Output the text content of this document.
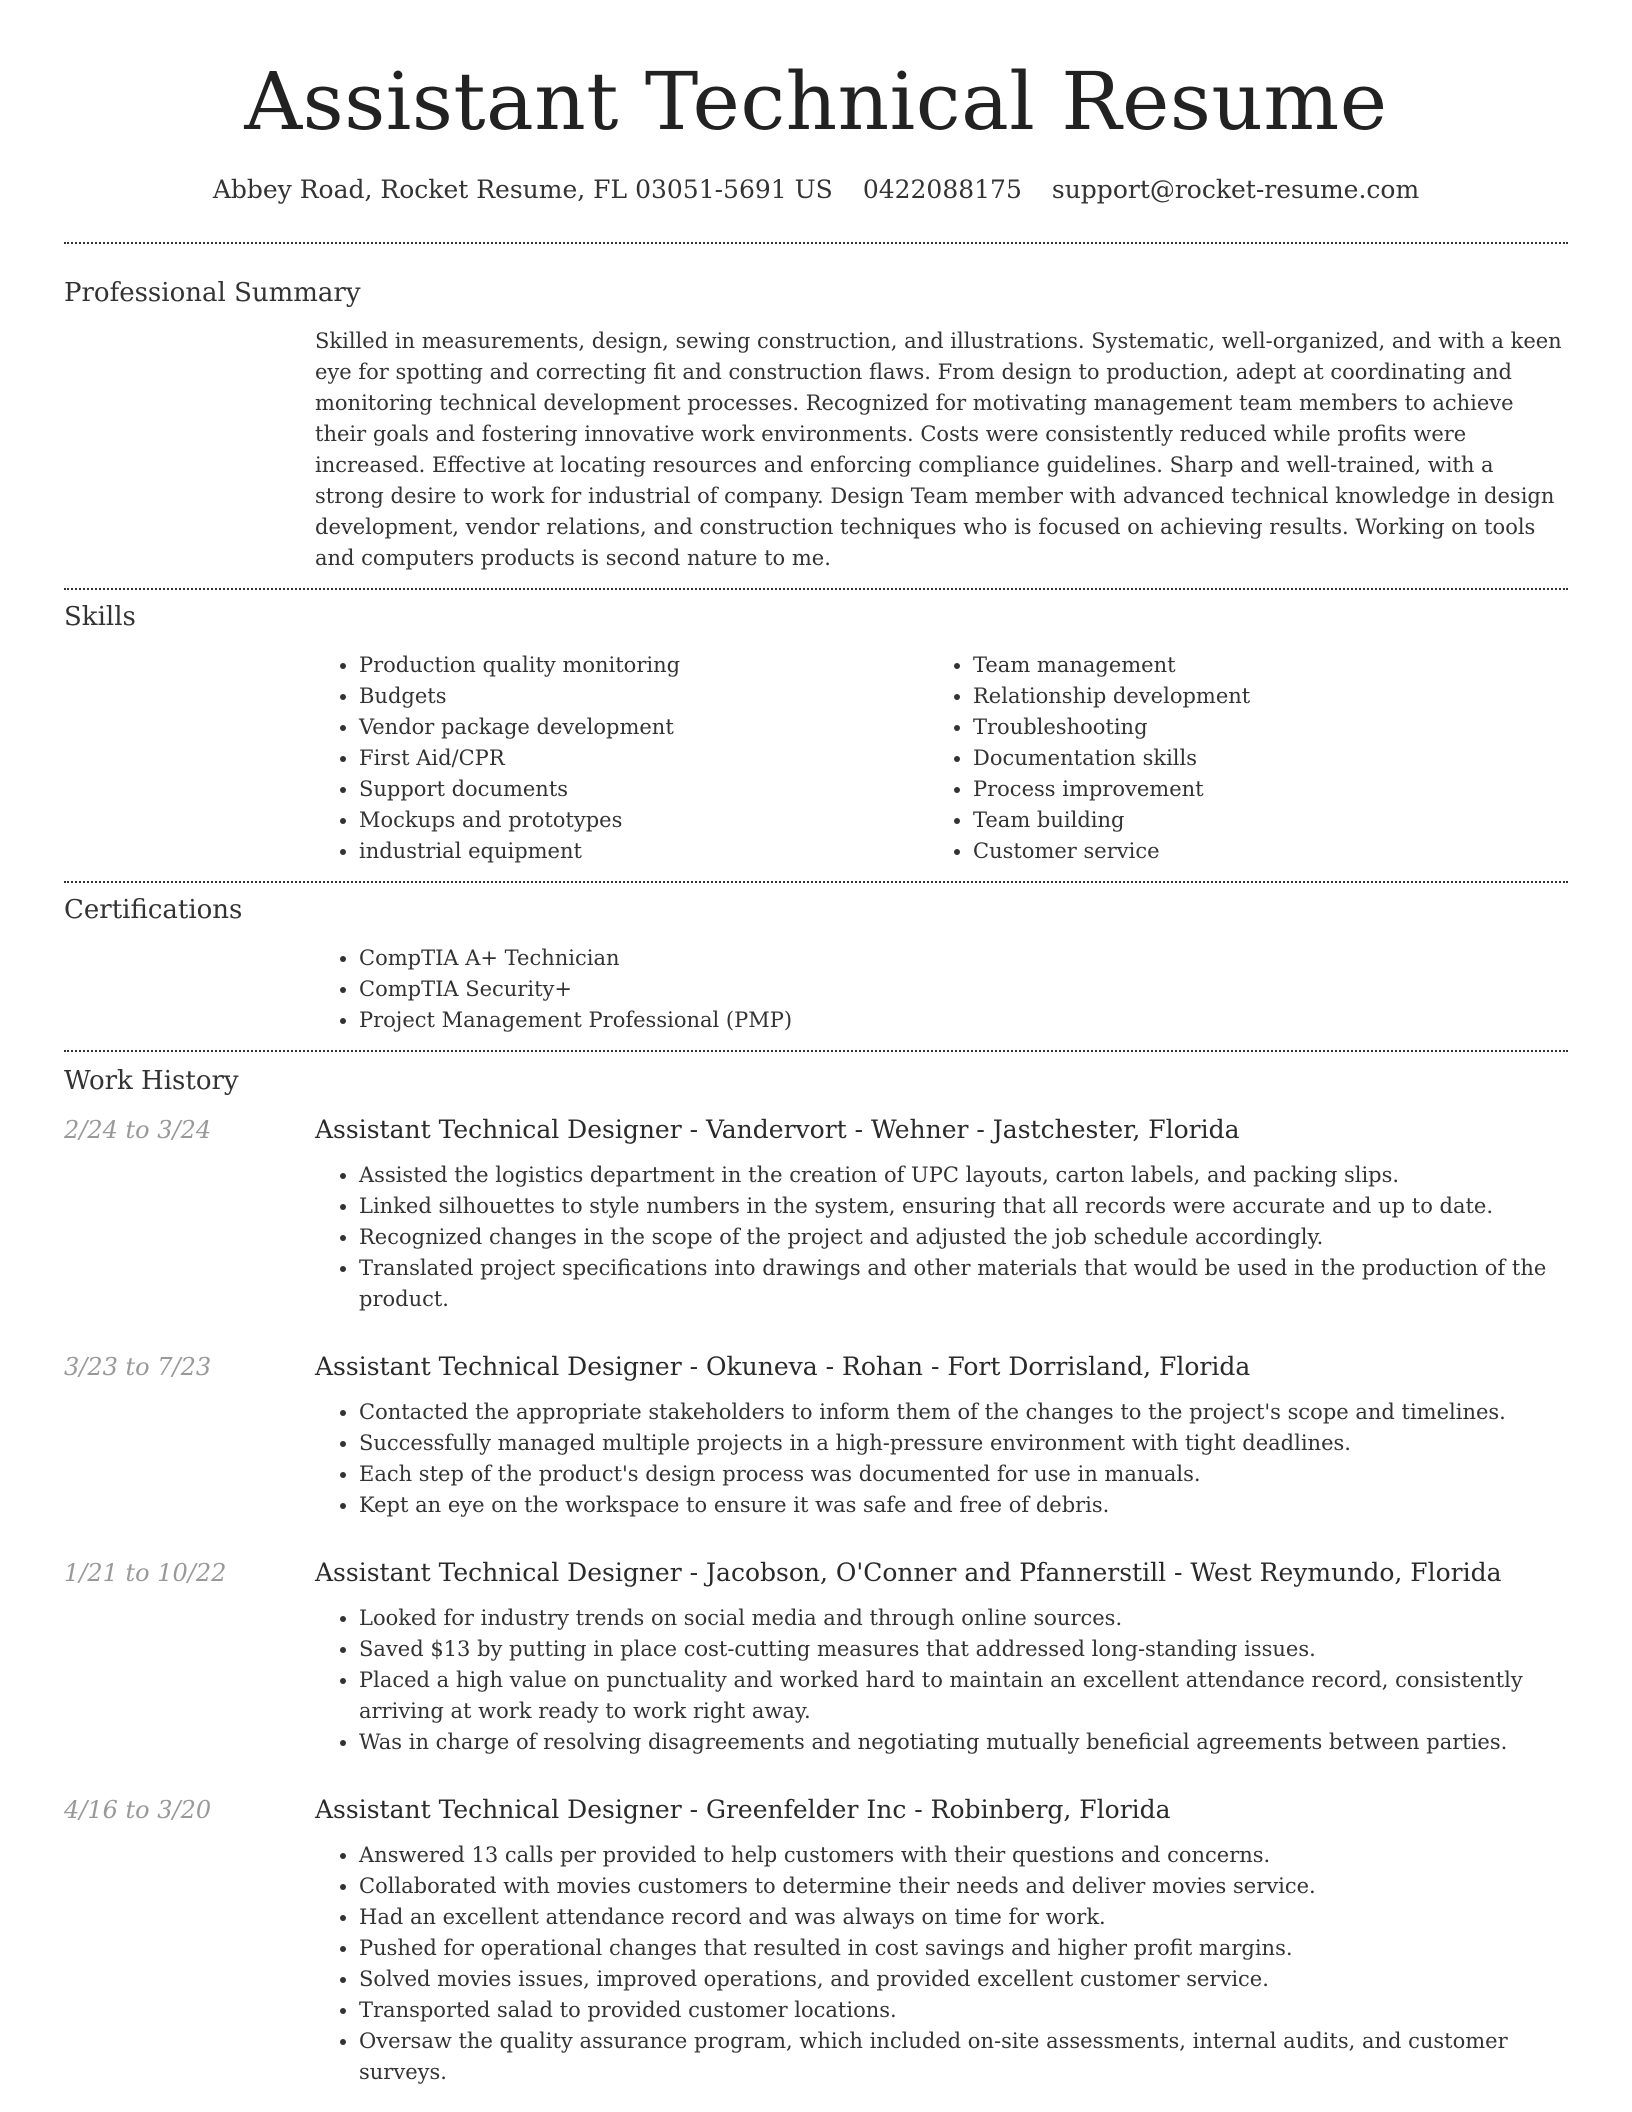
Assistant Technical Resume
Abbey Road, Rocket Resume, FL 03051-5691 US 0422088175 support@rocket-resume.com
Professional Summary

Skilled in measurements, design, sewing construction, and illustrations. Systematic, well-organized, and with a keen eye for spotting and correcting fit and construction flaws. From design to production, adept at coordinating and monitoring technical development processes. Recognized for motivating management team members to achieve their goals and fostering innovative work environments. Costs were consistently reduced while profits were increased. Effective at locating resources and enforcing compliance guidelines. Sharp and well-trained, with a strong desire to work for industrial of company. Design Team member with advanced technical knowledge in design development, vendor relations, and construction techniques who is focused on achieving results. Working on tools and computers products is second nature to me.

Skills
• Production quality monitoring
• Budgets
• Vendor package development
• First Aid/CPR
• Support documents
• Mockups and prototypes
• industrial equipment
• Team management
• Relationship development
• Troubleshooting
• Documentation skills
• Process improvement
• Team building
• Customer service
Certifications
• CompTIA A+ Technician
• CompTIA Security+
• Project Management Professional (PMP)
Work History
2/24 to 3/24	Assistant Technical Designer - Vandervort - Wehner - Jastchester, Florida
• Assisted the logistics department in the creation of UPC layouts, carton labels, and packing slips.
• Linked silhouettes to style numbers in the system, ensuring that all records were accurate and up to date.
• Recognized changes in the scope of the project and adjusted the job schedule accordingly.
• Translated project specifications into drawings and other materials that would be used in the production of the product.
3/23 to 7/23	Assistant Technical Designer - Okuneva - Rohan - Fort Dorrisland, Florida
• Contacted the appropriate stakeholders to inform them of the changes to the project's scope and timelines.
• Successfully managed multiple projects in a high-pressure environment with tight deadlines.
• Each step of the product's design process was documented for use in manuals.
• Kept an eye on the workspace to ensure it was safe and free of debris.
1/21 to 10/22	Assistant Technical Designer - Jacobson, O'Conner and Pfannerstill - West Reymundo, Florida
• Looked for industry trends on social media and through online sources.
• Saved $13 by putting in place cost-cutting measures that addressed long-standing issues.
• Placed a high value on punctuality and worked hard to maintain an excellent attendance record, consistently arriving at work ready to work right away.
• Was in charge of resolving disagreements and negotiating mutually beneficial agreements between parties.
4/16 to 3/20	Assistant Technical Designer - Greenfelder Inc - Robinberg, Florida
• Answered 13 calls per provided to help customers with their questions and concerns.
• Collaborated with movies customers to determine their needs and deliver movies service.
• Had an excellent attendance record and was always on time for work.
• Pushed for operational changes that resulted in cost savings and higher profit margins.
• Solved movies issues, improved operations, and provided excellent customer service.
• Transported salad to provided customer locations.
• Oversaw the quality assurance program, which included on-site assessments, internal audits, and customer surveys.
